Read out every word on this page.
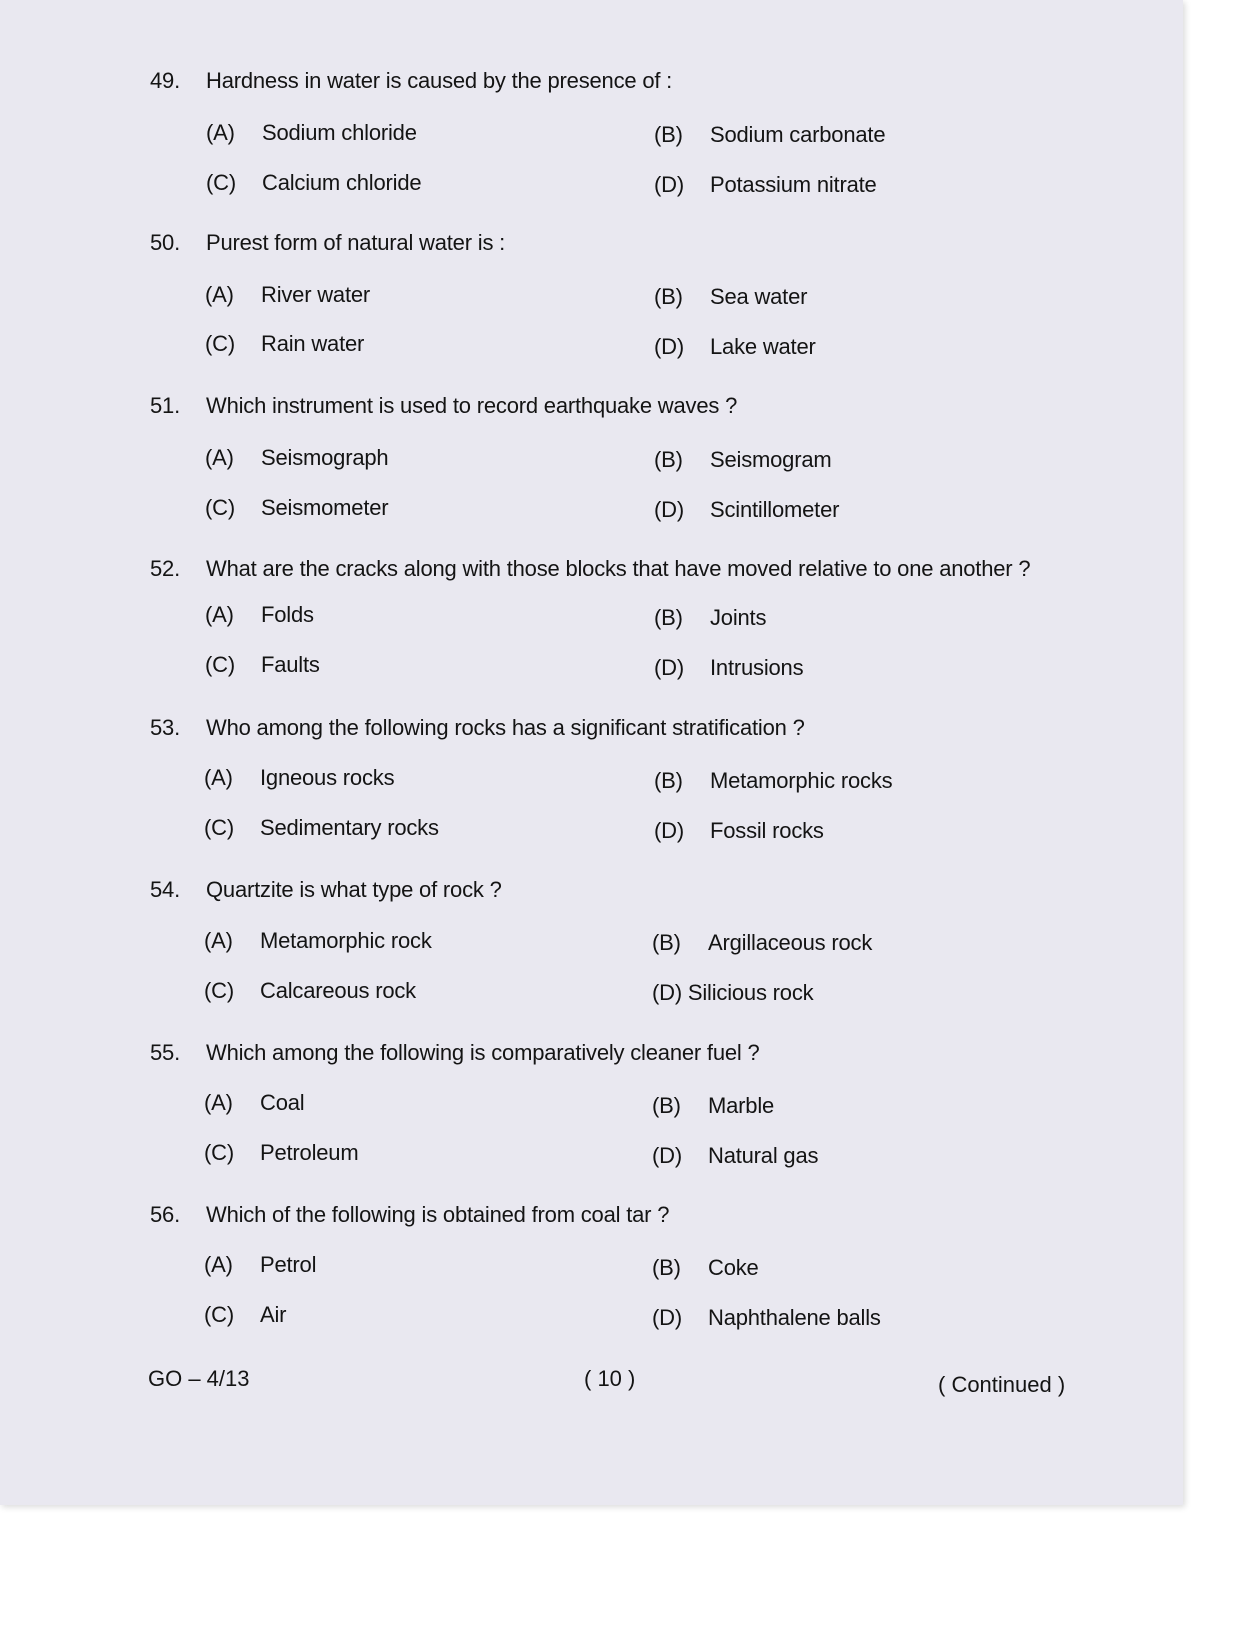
49. Hardness in water is caused by the presence of :
(A) Sodium chloride	(B) Sodium carbonate
(C) Calcium chloride	(D) Potassium nitrate
50. Purest form of natural water is :
(A) River water	(B) Sea water
(C) Rain water	(D) Lake water
51. Which instrument is used to record earthquake waves ?
(A) Seismograph	(B) Seismogram
(C) Seismometer	(D) Scintillometer
52. What are the cracks along with those blocks that have moved relative to one another ?
(A) Folds	(B) Joints
(C) Faults	(D) Intrusions
53. Who among the following rocks has a significant stratification ?
(A) Igneous rocks	(B) Metamorphic rocks
(C) Sedimentary rocks	(D) Fossil rocks
54. Quartzite is what type of rock ?
(A) Metamorphic rock	(B) Argillaceous rock
(C) Calcareous rock	(D) Silicious rock
55. Which among the following is comparatively cleaner fuel ?
(A) Coal	(B) Marble
(C) Petroleum	(D) Natural gas
56. Which of the following is obtained from coal tar ?
(A) Petrol	(B) Coke
(C) Air	(D) Naphthalene balls
GO – 4/13	( 10 )	( Continued )
